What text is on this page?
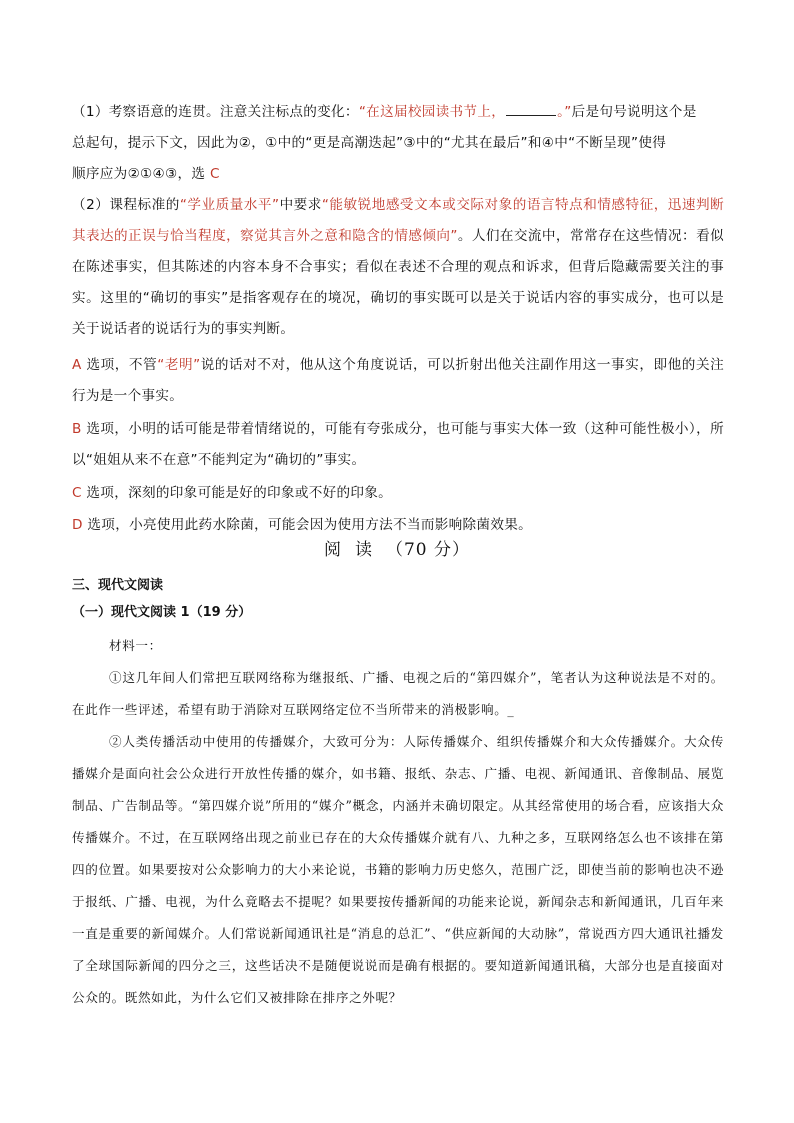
（1）考察语意的连贯。注意关注标点的变化：“在这届校园读书节上，	。”后是句号说明这个是
总起句，提示下文，因此为②，①中的“更是高潮迭起”③中的“尤其在最后”和④中“不断呈现”使得
顺序应为②①④③，选 C

（2）课程标准的“学业质量水平”中要求“能敏锐地感受文本或交际对象的语言特点和情感特征，迅速判断其表达的正误与恰当程度，察觉其言外之意和隐含的情感倾向”。人们在交流中，常常存在这些情况：看似在陈述事实，但其陈述的内容本身不合事实；看似在表述不合理的观点和诉求，但背后隐藏需要关注的事实。这里的“确切的事实”是指客观存在的境况，确切的事实既可以是关于说话内容的事实成分，也可以是关于说话者的说话行为的事实判断。

A 选项，不管“老明”说的话对不对，他从这个角度说话，可以折射出他关注副作用这一事实，即他的关注行为是一个事实。

B 选项，小明的话可能是带着情绪说的，可能有夸张成分，也可能与事实大体一致（这种可能性极小），所以“姐姐从来不在意”不能判定为“确切的”事实。

C 选项，深刻的印象可能是好的印象或不好的印象。

D 选项，小亮使用此药水除菌，可能会因为使用方法不当而影响除菌效果。

阅读（70 分）
三、现代文阅读
（一）现代文阅读 1（19 分）

材料一：

①这几年间人们常把互联网络称为继报纸、广播、电视之后的“第四媒介”，笔者认为这种说法是不对的。在此作一些评述，希望有助于消除对互联网络定位不当所带来的消极影响。_

②人类传播活动中使用的传播媒介，大致可分为：人际传播媒介、组织传播媒介和大众传播媒介。大众传播媒介是面向社会公众进行开放性传播的媒介，如书籍、报纸、杂志、广播、电视、新闻通讯、音像制品、展览制品、广告制品等。“第四媒介说”所用的“媒介”概念，内涵并未确切限定。从其经常使用的场合看，应该指大众传播媒介。不过，在互联网络出现之前业已存在的大众传播媒介就有八、九种之多，互联网络怎么也不该排在第四的位置。如果要按对公众影响力的大小来论说，书籍的影响力历史悠久，范围广泛，即使当前的影响也决不逊于报纸、广播、电视，为什么竟略去不提呢？如果要按传播新闻的功能来论说，新闻杂志和新闻通讯，几百年来一直是重要的新闻媒介。人们常说新闻通讯社是“消息的总汇”、“供应新闻的大动脉”，常说西方四大通讯社播发了全球国际新闻的四分之三，这些话决不是随便说说而是确有根据的。要知道新闻通讯稿，大部分也是直接面对公众的。既然如此，为什么它们又被排除在排序之外呢？
